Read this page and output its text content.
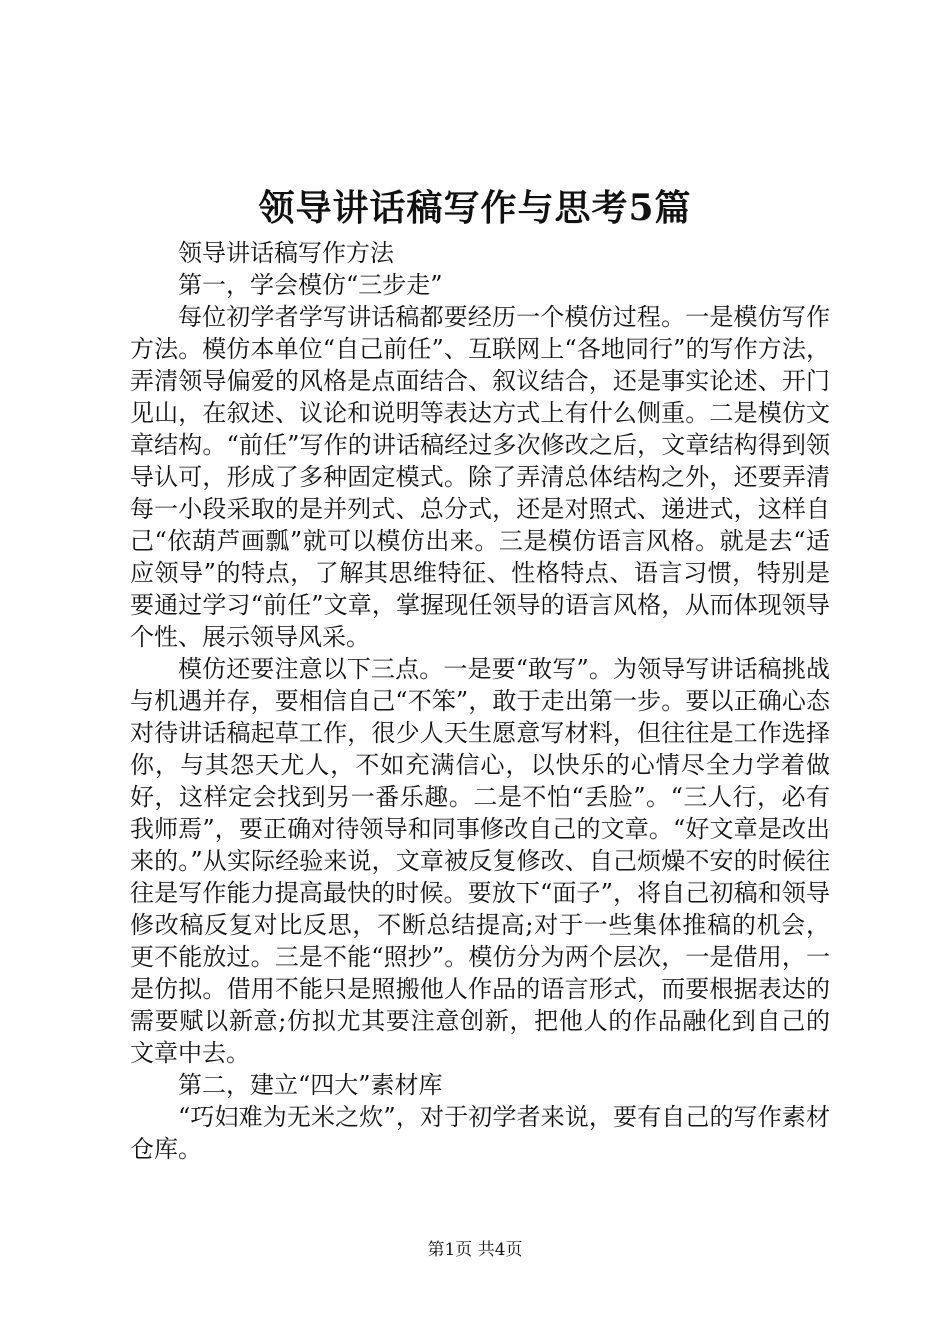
领导讲话稿写作与思考5篇

领导讲话稿写作方法

第一，学会模仿“三步走”

每位初学者学写讲话稿都要经历一个模仿过程。一是模仿写作方法。模仿本单位“自己前任”、互联网上“各地同行”的写作方法，弄清领导偏爱的风格是点面结合、叙议结合，还是事实论述、开门见山，在叙述、议论和说明等表达方式上有什么侧重。二是模仿文章结构。“前任”写作的讲话稿经过多次修改之后，文章结构得到领导认可，形成了多种固定模式。除了弄清总体结构之外，还要弄清每一小段采取的是并列式、总分式，还是对照式、递进式，这样自己“依葫芦画瓢”就可以模仿出来。三是模仿语言风格。就是去“适应领导”的特点，了解其思维特征、性格特点、语言习惯，特别是要通过学习“前任”文章，掌握现任领导的语言风格，从而体现领导个性、展示领导风采。

模仿还要注意以下三点。一是要“敢写”。为领导写讲话稿挑战与机遇并存，要相信自己“不笨”，敢于走出第一步。要以正确心态对待讲话稿起草工作，很少人天生愿意写材料，但往往是工作选择你，与其怨天尤人，不如充满信心，以快乐的心情尽全力学着做好，这样定会找到另一番乐趣。二是不怕“丢脸”。“三人行，必有我师焉”，要正确对待领导和同事修改自己的文章。“好文章是改出来的。”从实际经验来说，文章被反复修改、自己烦燥不安的时候往往是写作能力提高最快的时候。要放下“面子”，将自己初稿和领导修改稿反复对比反思，不断总结提高;对于一些集体推稿的机会，更不能放过。三是不能“照抄”。模仿分为两个层次，一是借用，一是仿拟。借用不能只是照搬他人作品的语言形式，而要根据表达的需要赋以新意;仿拟尤其要注意创新，把他人的作品融化到自己的文章中去。

第二，建立“四大”素材库

“巧妇难为无米之炊”，对于初学者来说，要有自己的写作素材仓库。

第1页 共4页
